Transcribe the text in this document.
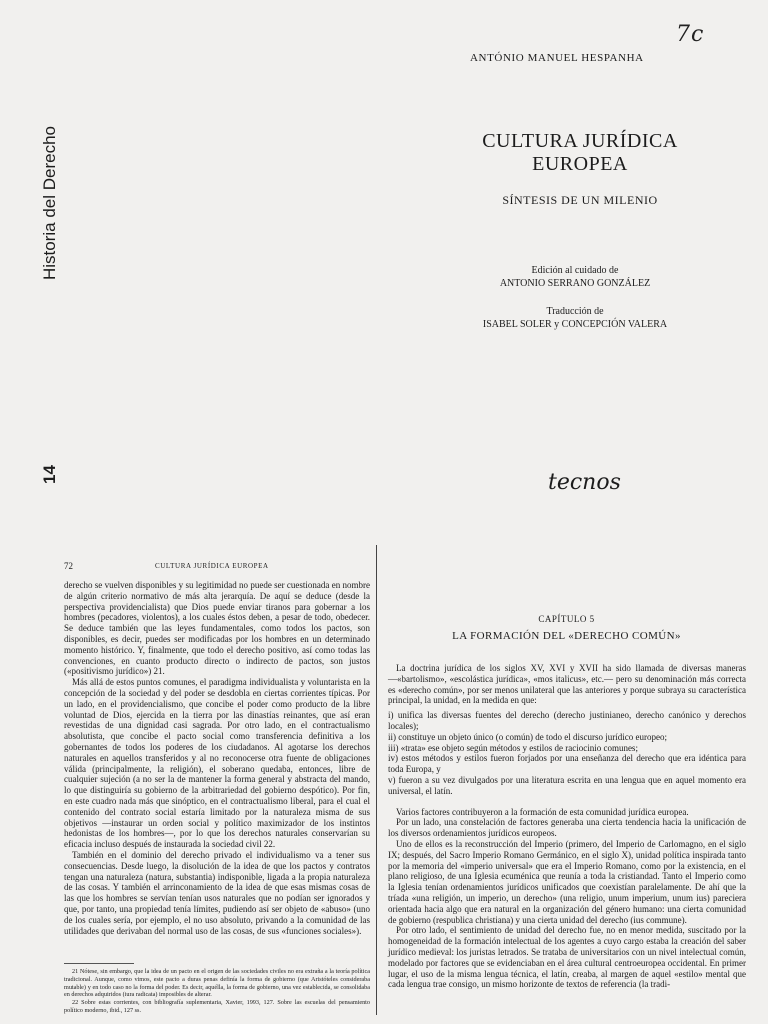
7c
Historia del Derecho
14
ANTÓNIO MANUEL HESPANHA
CULTURA JURÍDICA
EUROPEA
SÍNTESIS DE UN MILENIO
Edición al cuidado de
ANTONIO SERRANO GONZÁLEZ
Traducción de
ISABEL SOLER y CONCEPCIÓN VALERA
tecnos
72	CULTURA JURÍDICA EUROPEA

derecho se vuelven disponibles y su legitimidad no puede ser cuestionada en nombre de algún criterio normativo de más alta jerarquía. De aquí se deduce (desde la perspectiva providencialista) que Dios puede enviar tiranos para gobernar a los hombres (pecadores, violentos), a los cuales éstos deben, a pesar de todo, obedecer. Se deduce también que las leyes fundamentales, como todos los pactos, son disponibles, es decir, puedes ser modificadas por los hombres en un determinado momento histórico. Y, finalmente, que todo el derecho positivo, así como todas las convenciones, en cuanto producto directo o indirecto de pactos, son justos («positivismo jurídico») 21.

Más allá de estos puntos comunes, el paradigma individualista y voluntarista en la concepción de la sociedad y del poder se desdobla en ciertas corrientes típicas. Por un lado, en el providencialismo, que concibe el poder como producto de la libre voluntad de Dios, ejercida en la tierra por las dinastías reinantes, que así eran revestidas de una dignidad casi sagrada. Por otro lado, en el contractualismo absolutista, que concibe el pacto social como transferencia definitiva a los gobernantes de todos los poderes de los ciudadanos. Al agotarse los derechos naturales en aquellos transferidos y al no reconocerse otra fuente de obligaciones válida (principalmente, la religión), el soberano quedaba, entonces, libre de cualquier sujeción (a no ser la de mantener la forma general y abstracta del mando, lo que distinguiría su gobierno de la arbitrariedad del gobierno despótico). Por fin, en este cuadro nada más que sinóptico, en el contractualismo liberal, para el cual el contenido del contrato social estaría limitado por la naturaleza misma de sus objetivos —instaurar un orden social y político maximizador de los instintos hedonistas de los hombres—, por lo que los derechos naturales conservarían su eficacia incluso después de instaurada la sociedad civil 22.

También en el dominio del derecho privado el individualismo va a tener sus consecuencias. Desde luego, la disolución de la idea de que los pactos y contratos tengan una naturaleza (natura, substantia) indisponible, ligada a la propia naturaleza de las cosas. Y también el arrinconamiento de la idea de que esas mismas cosas de las que los hombres se servían tenían usos naturales que no podían ser ignorados y que, por tanto, una propiedad tenía límites, pudiendo así ser objeto de «abuso» (uno de los cuales sería, por ejemplo, el no uso absoluto, privando a la comunidad de las utilidades que derivaban del normal uso de las cosas, de sus «funciones sociales»).

21 Nótese, sin embargo, que la idea de un pacto en el origen de las sociedades civiles no era extraña a la teoría política tradicional. Aunque, como vimos, este pacto a duras penas definía la forma de gobierno (que Aristóteles consideraba mutable) y en todo caso no la forma del poder. Es decir, aquélla, la forma de gobierno, una vez establecida, se consolidaba en derechos adquiridos (iura radicata) imposibles de alterar.

22 Sobre estas corrientes, con bibliografía suplementaria, Xavier, 1993, 127. Sobre las escuelas del pensamiento político moderno, ibid., 127 ss.

CAPÍTULO 5
LA FORMACIÓN DEL «DERECHO COMÚN»

La doctrina jurídica de los siglos XV, XVI y XVII ha sido llamada de diversas maneras —«bartolismo», «escolástica jurídica», «mos italicus», etc.— pero su denominación más correcta es «derecho común», por ser menos unilateral que las anteriores y porque subraya su característica principal, la unidad, en la medida en que:

i) unifica las diversas fuentes del derecho (derecho justinianeo, derecho canónico y derechos locales);

ii) constituye un objeto único (o común) de todo el discurso jurídico europeo;

iii) «trata» ese objeto según métodos y estilos de raciocinio comunes;

iv) estos métodos y estilos fueron forjados por una enseñanza del derecho que era idéntica para toda Europa, y

v) fueron a su vez divulgados por una literatura escrita en una lengua que en aquel momento era universal, el latín.

Varios factores contribuyeron a la formación de esta comunidad jurídica europea.

Por un lado, una constelación de factores generaba una cierta tendencia hacia la unificación de los diversos ordenamientos jurídicos europeos.

Uno de ellos es la reconstrucción del Imperio (primero, del Imperio de Carlomagno, en el siglo IX; después, del Sacro Imperio Romano Germánico, en el siglo X), unidad política inspirada tanto por la memoria del «imperio universal» que era el Imperio Romano, como por la existencia, en el plano religioso, de una Iglesia ecuménica que reunía a toda la cristiandad. Tanto el Imperio como la Iglesia tenían ordenamientos jurídicos unificados que coexistían paralelamente. De ahí que la tríada «una religión, un imperio, un derecho» (una religio, unum imperium, unum ius) pareciera orientada hacia algo que era natural en la organización del género humano: una cierta comunidad de gobierno (respublica christiana) y una cierta unidad del derecho (ius commune).

Por otro lado, el sentimiento de unidad del derecho fue, no en menor medida, suscitado por la homogeneidad de la formación intelectual de los agentes a cuyo cargo estaba la creación del saber jurídico medieval: los juristas letrados. Se trataba de universitarios con un nivel intelectual común, modelado por factores que se evidenciaban en el área cultural centroeuropea occidental. En primer lugar, el uso de la misma lengua técnica, el latín, creaba, al margen de aquel «estilo» mental que cada lengua trae consigo, un mismo horizonte de textos de referencia (la tradi-
